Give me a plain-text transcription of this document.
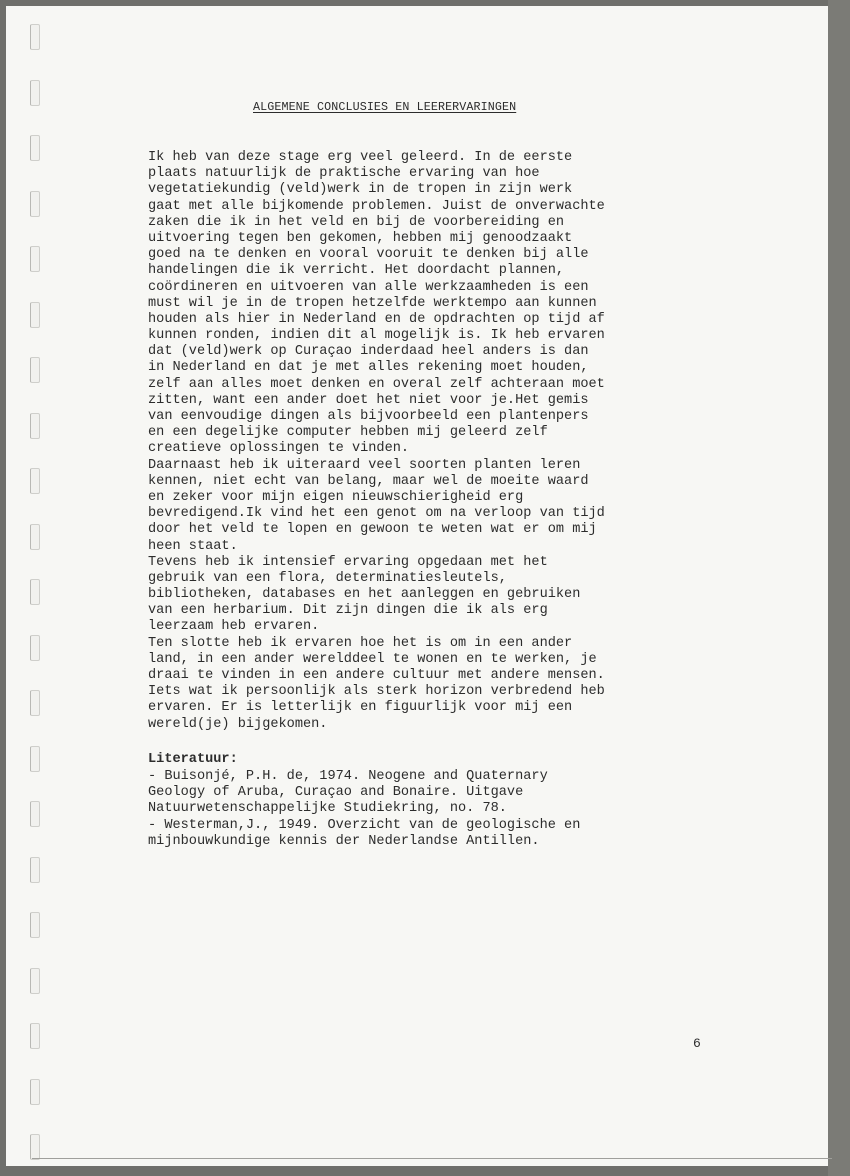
ALGEMENE CONCLUSIES EN LEERERVARINGEN
Ik heb van deze stage erg veel geleerd. In de eerste
plaats natuurlijk de praktische ervaring van hoe
vegetatiekundig (veld)werk in de tropen in zijn werk
gaat met alle bijkomende problemen. Juist de onverwachte
zaken die ik in het veld en bij de voorbereiding en
uitvoering tegen ben gekomen, hebben mij genoodzaakt
goed na te denken en vooral vooruit te denken bij alle
handelingen die ik verricht. Het doordacht plannen,
coördineren en uitvoeren van alle werkzaamheden is een
must wil je in de tropen hetzelfde werktempo aan kunnen
houden als hier in Nederland en de opdrachten op tijd af
kunnen ronden, indien dit al mogelijk is. Ik heb ervaren
dat (veld)werk op Curaçao inderdaad heel anders is dan
in Nederland en dat je met alles rekening moet houden,
zelf aan alles moet denken en overal zelf achteraan moet
zitten, want een ander doet het niet voor je.Het gemis
van eenvoudige dingen als bijvoorbeeld een plantenpers
en een degelijke computer hebben mij geleerd zelf
creatieve oplossingen te vinden.
Daarnaast heb ik uiteraard veel soorten planten leren
kennen, niet echt van belang, maar wel de moeite waard
en zeker voor mijn eigen nieuwschierigheid erg
bevredigend.Ik vind het een genot om na verloop van tijd
door het veld te lopen en gewoon te weten wat er om mij
heen staat.
Tevens heb ik intensief ervaring opgedaan met het
gebruik van een flora, determinatiesleutels,
bibliotheken, databases en het aanleggen en gebruiken
van een herbarium. Dit zijn dingen die ik als erg
leerzaam heb ervaren.
Ten slotte heb ik ervaren hoe het is om in een ander
land, in een ander werelddeel te wonen en te werken, je
draai te vinden in een andere cultuur met andere mensen.
Iets wat ik persoonlijk als sterk horizon verbredend heb
ervaren. Er is letterlijk en figuurlijk voor mij een
wereld(je) bijgekomen.
Literatuur:
- Buisonjé, P.H. de, 1974. Neogene and Quaternary
Geology of Aruba, Curaçao and Bonaire. Uitgave
Natuurwetenschappelijke Studiekring, no. 78.
- Westerman,J., 1949. Overzicht van de geologische en
mijnbouwkundige kennis der Nederlandse Antillen.
6
